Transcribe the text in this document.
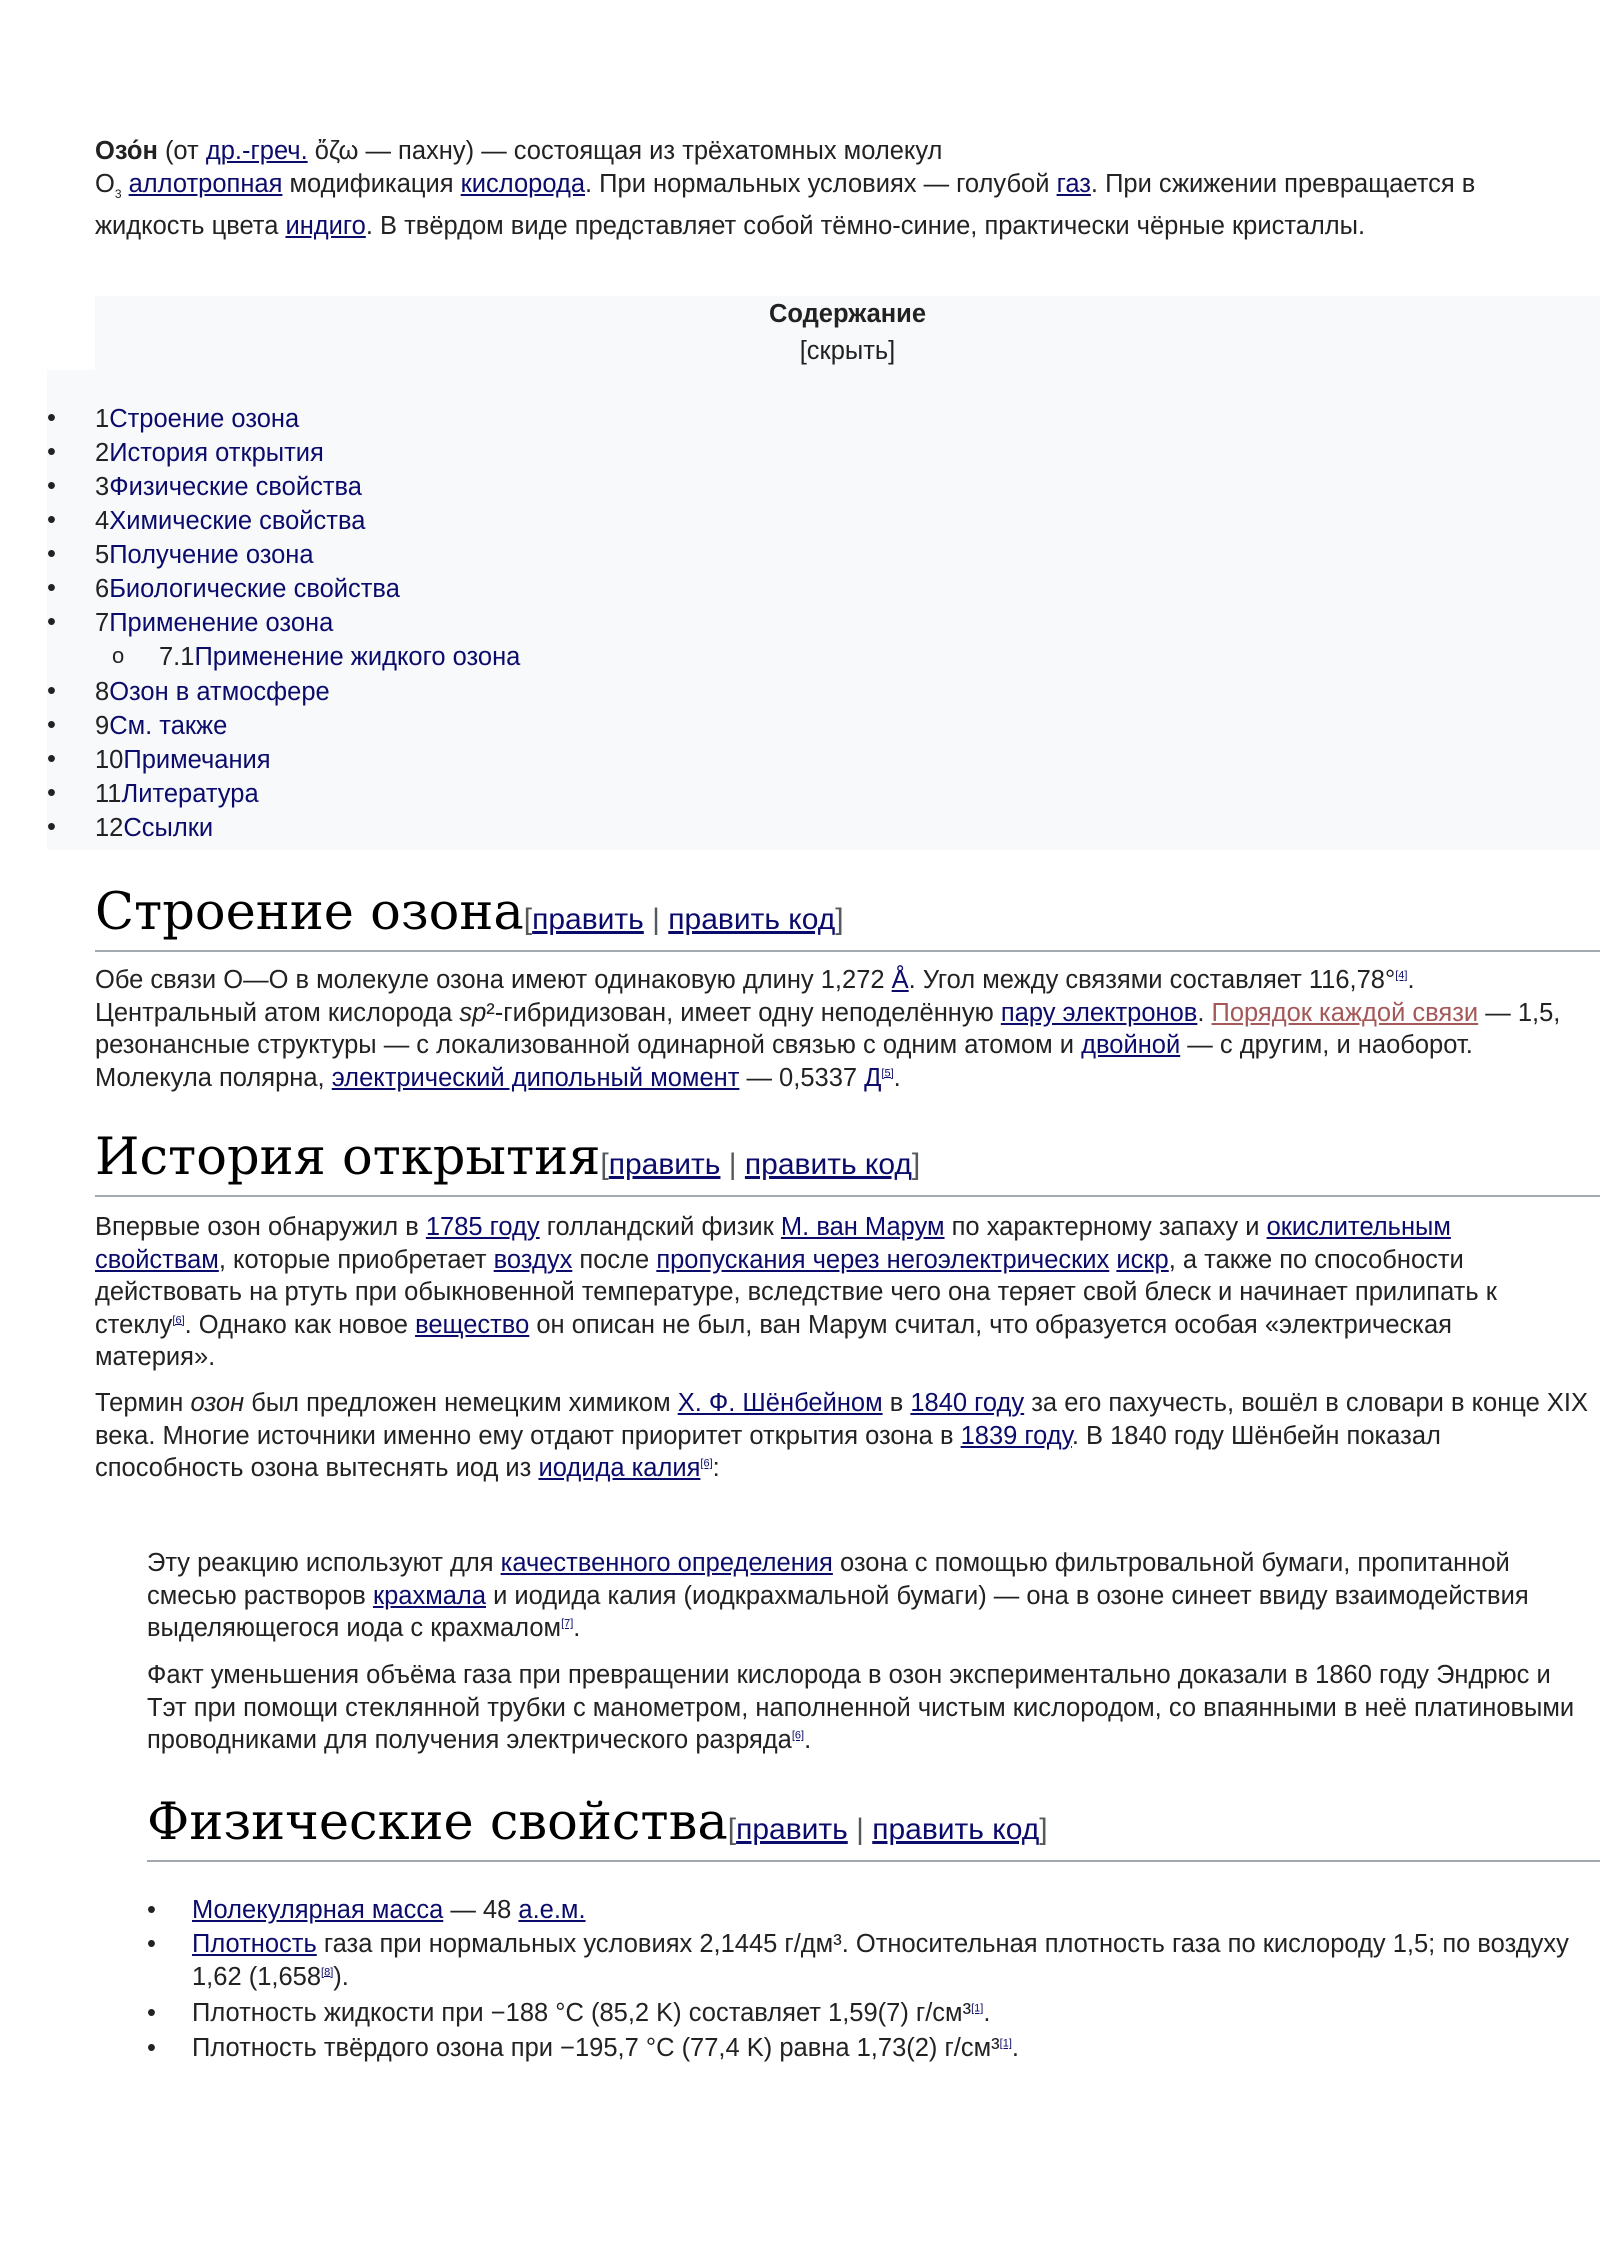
Озо́н (от др.-греч. ὄζω — пахну) — состоящая из трёхатомных молекул
$O_3$ аллотропная модификация кислорода. При нормальных условиях — голубой газ. При сжижении превращается в жидкость цвета индиго. В твёрдом виде представляет собой тёмно-синие, практически чёрные кристаллы.

Содержание
[скрыть]
• 1Строение озона
• 2История открытия
• 3Физические свойства
• 4Химические свойства
• 5Получение озона
• 6Биологические свойства
• 7Применение озона
o 7.1Применение жидкого озона
• 8Озон в атмосфере
• 9См. также
• 10Примечания
• 11Литература
• 12Ссылки
Строение озона[править | править код]

Обе связи O—O в молекуле озона имеют одинаковую длину 1,272 Å. Угол между связями составляет 116,78°[4]. Центральный атом кислорода sp²-гибридизован, имеет одну неподелённую пару электронов. Порядок каждой связи — 1,5, резонансные структуры — с локализованной одинарной связью с одним атомом и двойной — с другим, и наоборот. Молекула полярна, электрический дипольный момент — 0,5337 Д[5].

История открытия[править | править код]

Впервые озон обнаружил в 1785 году голландский физик М. ван Марум по характерному запаху и окислительным свойствам, которые приобретает воздух после пропускания через негоэлектрических искр, а также по способности действовать на ртуть при обыкновенной температуре, вследствие чего она теряет свой блеск и начинает прилипать к стеклу[6]. Однако как новое вещество он описан не был, ван Марум считал, что образуется особая «электрическая материя».

Термин озон был предложен немецким химиком Х. Ф. Шёнбейном в 1840 году за его пахучесть, вошёл в словари в конце XIX века. Многие источники именно ему отдают приоритет открытия озона в 1839 году. В 1840 году Шёнбейн показал способность озона вытеснять иод из иодида калия[6]:

Эту реакцию используют для качественного определения озона с помощью фильтровальной бумаги, пропитанной смесью растворов крахмала и иодида калия (иодкрахмальной бумаги) — она в озоне синеет ввиду взаимодействия выделяющегося иода с крахмалом[7].

Факт уменьшения объёма газа при превращении кислорода в озон экспериментально доказали в 1860 году Эндрюс и Тэт при помощи стеклянной трубки с манометром, наполненной чистым кислородом, со впаянными в неё платиновыми проводниками для получения электрического разряда[6].

Физические свойства[править | править код]
• Молекулярная масса — 48 а.е.м.
• Плотность газа при нормальных условиях 2,1445 г/дм³. Относительная плотность газа по кислороду 1,5; по воздуху 1,62 (1,658[8]).
• Плотность жидкости при −188 °C (85,2 K) составляет 1,59(7) г/см³[1].
• Плотность твёрдого озона при −195,7 °C (77,4 K) равна 1,73(2) г/см³[1].
